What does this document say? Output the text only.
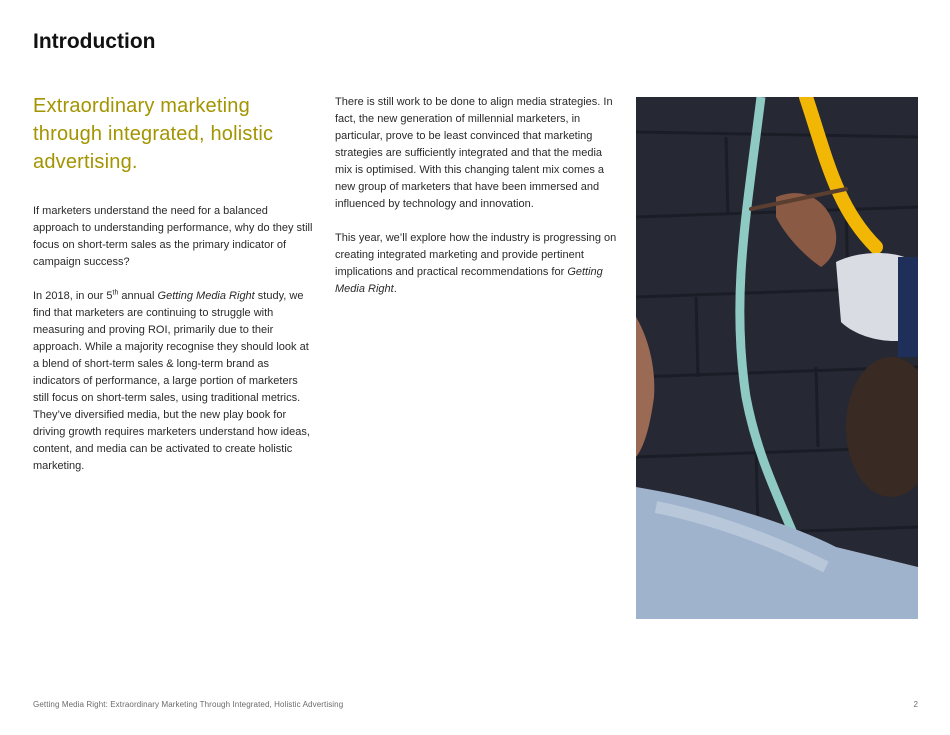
Introduction
Extraordinary marketing through integrated, holistic advertising.

If marketers understand the need for a balanced approach to understanding performance, why do they still focus on short-term sales as the primary indicator of campaign success?

In 2018, in our 5th annual Getting Media Right study, we find that marketers are continuing to struggle with measuring and proving ROI, primarily due to their approach. While a majority recognise they should look at a blend of short-term sales & long-term brand as indicators of performance, a large portion of marketers still focus on short-term sales, using traditional metrics. They’ve diversified media, but the new play book for driving growth requires marketers understand how ideas, content, and media can be activated to create holistic marketing.

There is still work to be done to align media strategies. In fact, the new generation of millennial marketers, in particular, prove to be least convinced that marketing strategies are sufficiently integrated and that the media mix is optimised. With this changing talent mix comes a new group of marketers that have been immersed and influenced by technology and innovation.

This year, we’ll explore how the industry is progressing on creating integrated marketing and provide pertinent implications and practical recommendations for Getting Media Right.

Getting Media Right: Extraordinary Marketing Through Integrated, Holistic Advertising	2
